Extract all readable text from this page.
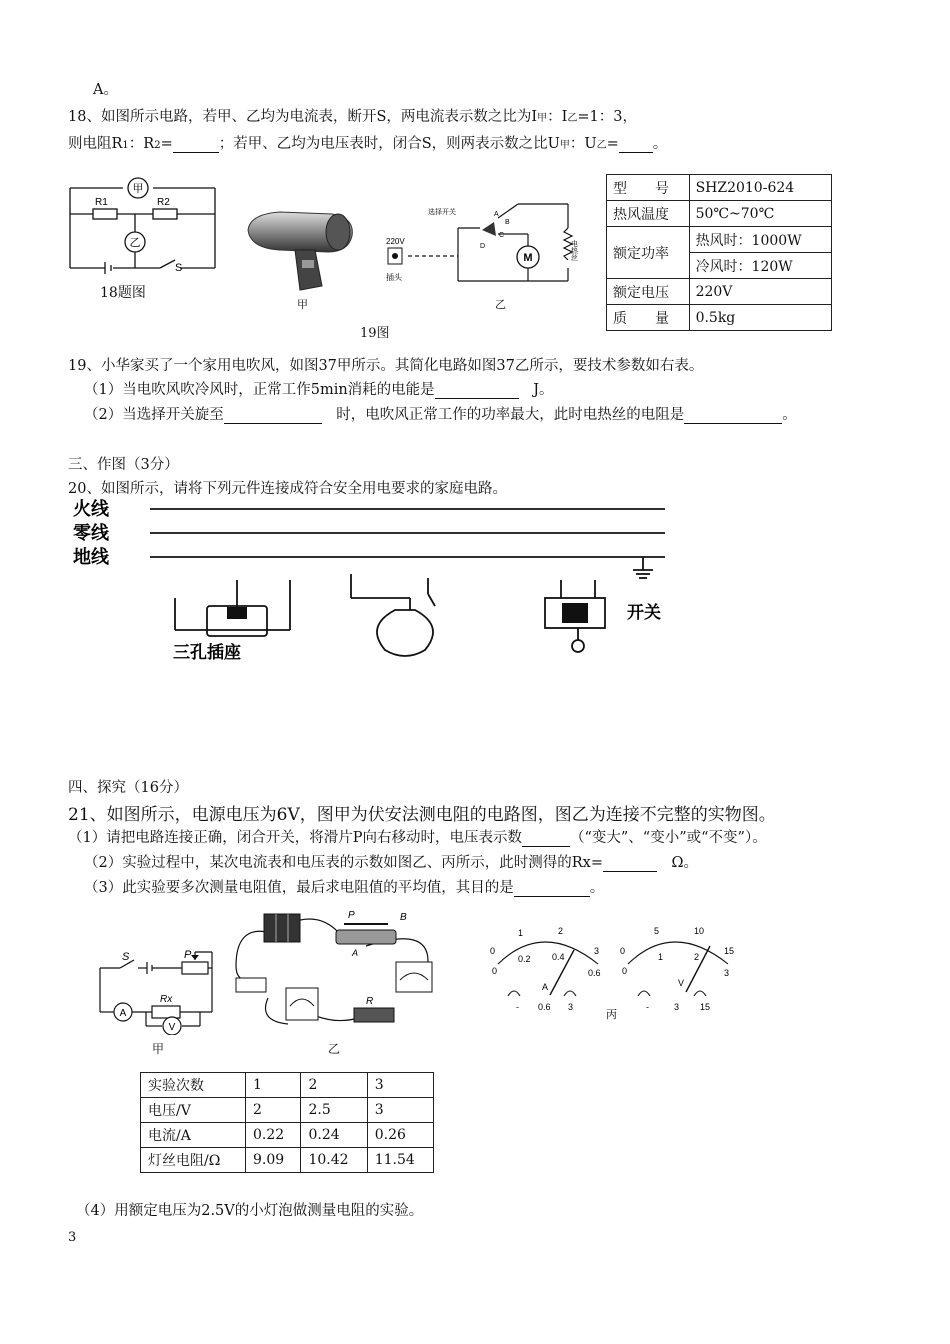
A。
18、如图所示电路，若甲、乙均为电流表，断开S，两电流表示数之比为I甲：I乙=1：3，
则电阻R1：R2=	；若甲、乙均为电压表时，闭合S，则两表示数之比U甲：U乙= 。
甲
乙
R1	R2
S
18题图
甲
M
选择开关	A
B
C
D
220V
插头
电热丝
乙
19图
型　　号	SHZ2010-624
热风温度	50℃~70℃
额定功率	热风时：1000W
	冷风时：120W
额定电压	220V
质　　量	0.5kg
19、小华家买了一个家用电吹风，如图37甲所示。其简化电路如图37乙所示，要技术参数如右表。
（1）当电吹风吹冷风时，正常工作5min消耗的电能是　	J。
（2）当选择开关旋至　	时，电吹风正常工作的功率最大，此时电热丝的电阻是	。
三、作图（3分）
20、如图所示，请将下列元件连接成符合安全用电要求的家庭电路。
火线
零线
地线
三孔插座
开关
四、探究（16分）
21、如图所示，电源电压为6V，图甲为伏安法测电阻的电路图，图乙为连接不完整的实物图。
（1）请把电路连接正确，闭合开关，将滑片P向右移动时，电压表示数	（“变大”、“变小”或“不变”）。
（2）实验过程中，某次电流表和电压表的示数如图乙、丙所示，此时测得的Rx=　	Ω。
（3）此实验要多次测量电阻值，最后求电阻值的平均值，其目的是	。
A
V
S	P
Rx
甲
P	B
A
R
乙
0
1	2
3
0
0.2 0.4
0.6
A
- 0.6 3
0
5	10
15
0
1	2
3
V
-	3 15
丙
实验次数	1	2	3
电压/V	2	2.5	3
电流/A	0.22	0.24	0.26
灯丝电阻/Ω	9.09	10.42	11.54
（4）用额定电压为2.5V的小灯泡做测量电阻的实验。
3
